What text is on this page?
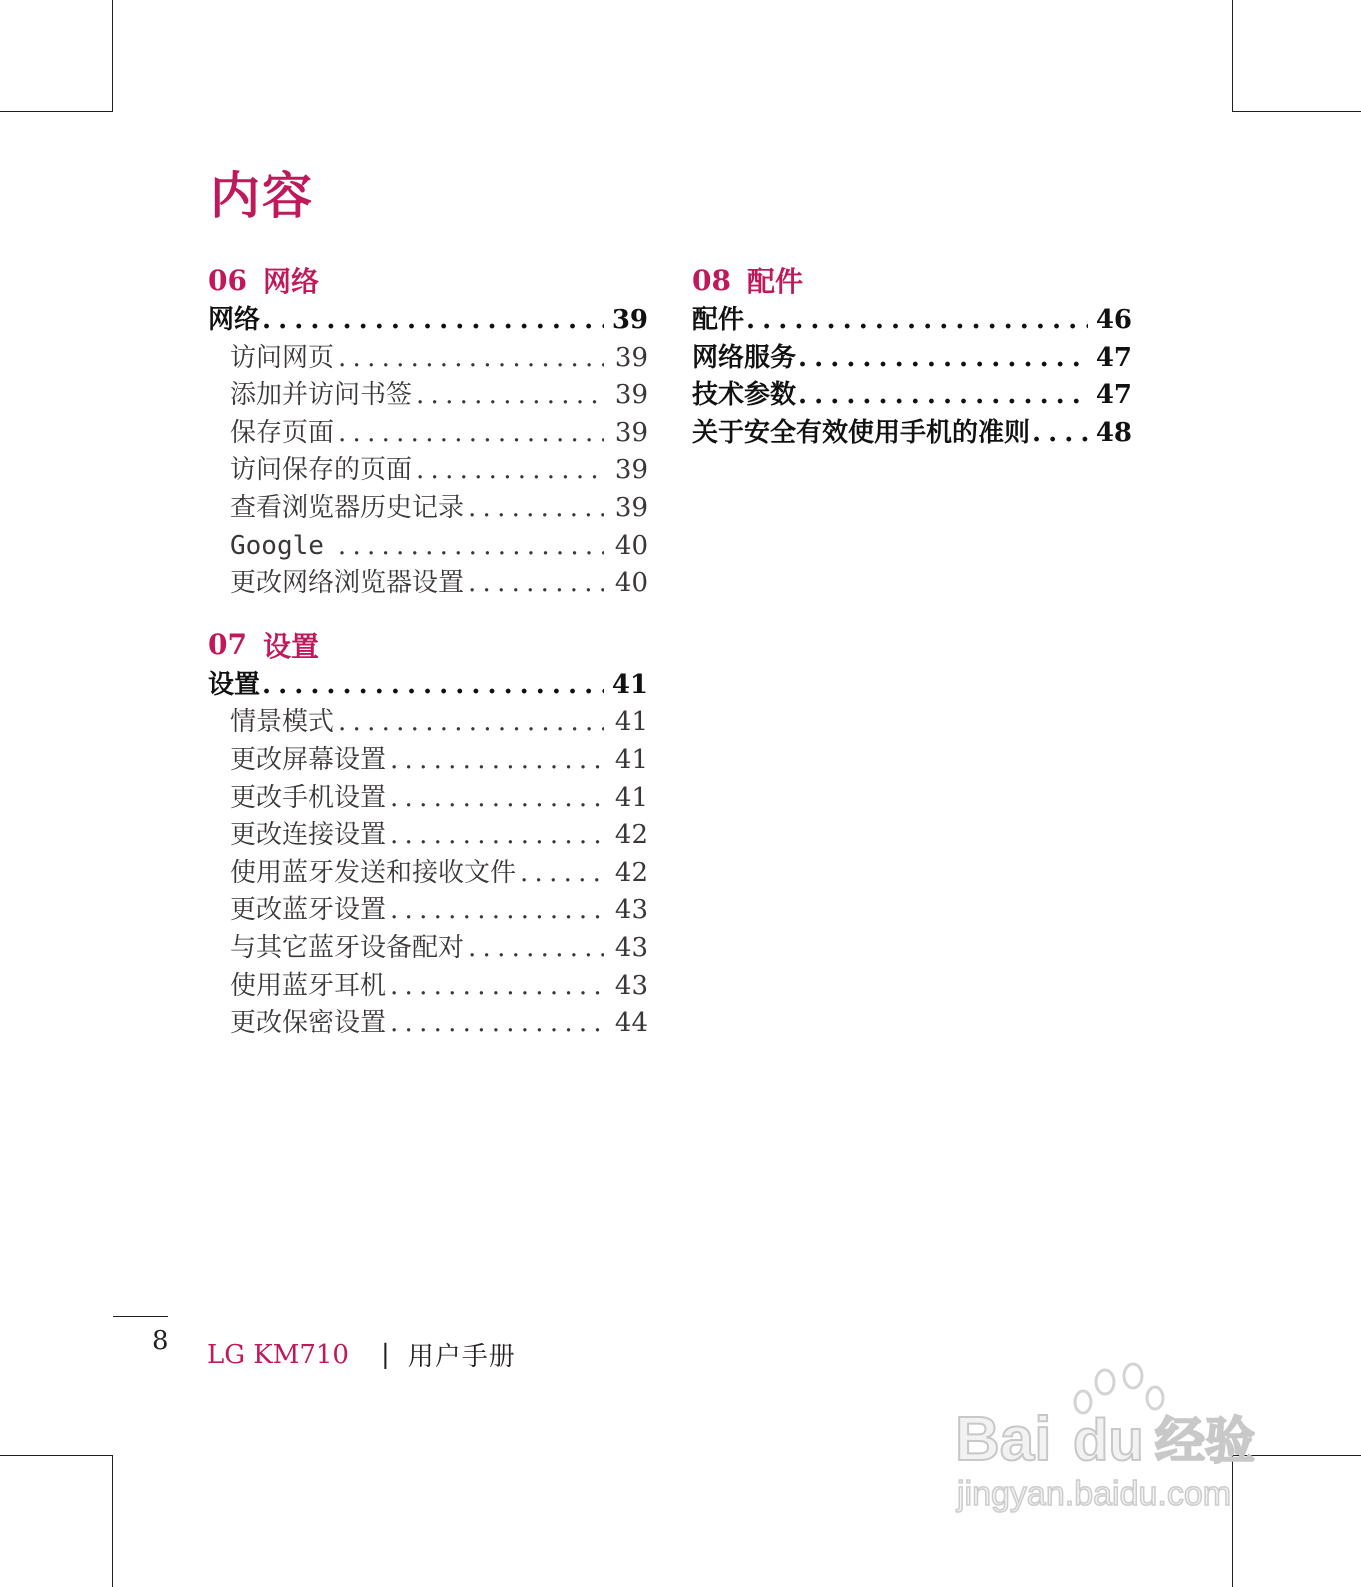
内容
06 网络
网络 . . .	39
访问网页 . . .	39
添加并访问书签 . . .	39
保存页面 . . .	39
访问保存的页面 . . .	39
查看浏览器历史记录 . . .	39
Google . . .	40
更改网络浏览器设置 . . .	40
07 设置
设置 . . .	41
情景模式 . . .	41
更改屏幕设置 . . .	41
更改手机设置 . . .	41
更改连接设置 . . .	42
使用蓝牙发送和接收文件 . . .	42
更改蓝牙设置 . . .	43
与其它蓝牙设备配对 . . .	43
使用蓝牙耳机 . . .	43
更改保密设置 . . .	44
08 配件
配件 . . .	46
网络服务 . . .	47
技术参数 . . .	47
关于安全有效使用手机的准则 . . .	48
8 LG KM710 | 用户手册
Bai du 经验
jingyan.baidu.com
